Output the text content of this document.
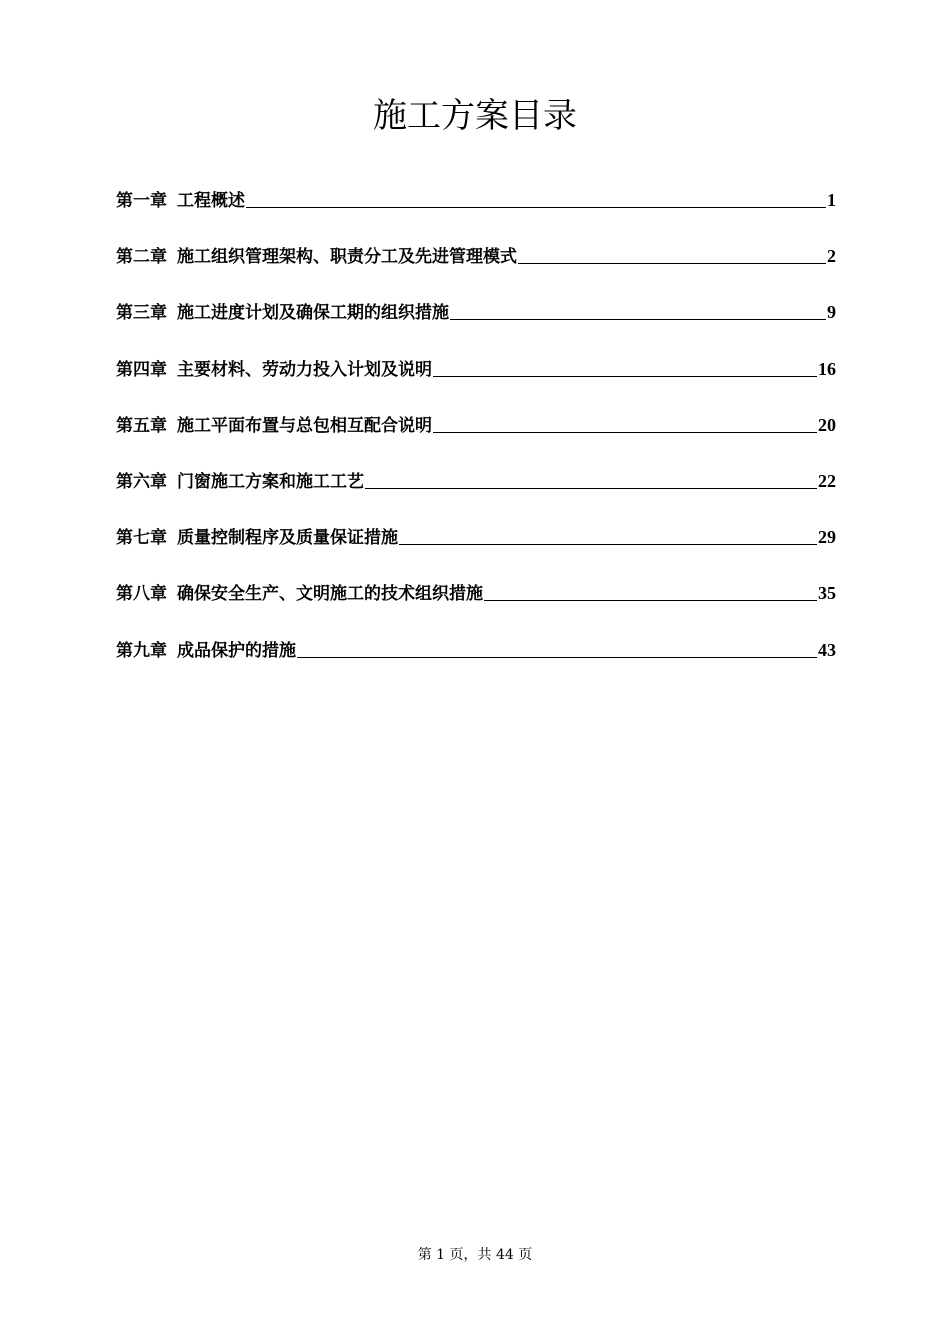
施工方案目录
第一章 工程概述	1
第二章 施工组织管理架构、职责分工及先进管理模式	2
第三章 施工进度计划及确保工期的组织措施	9
第四章 主要材料、劳动力投入计划及说明	16
第五章 施工平面布置与总包相互配合说明	20
第六章 门窗施工方案和施工工艺	22
第七章 质量控制程序及质量保证措施	29
第八章 确保安全生产、文明施工的技术组织措施	35
第九章 成品保护的措施	43
第 1 页，共 44 页
